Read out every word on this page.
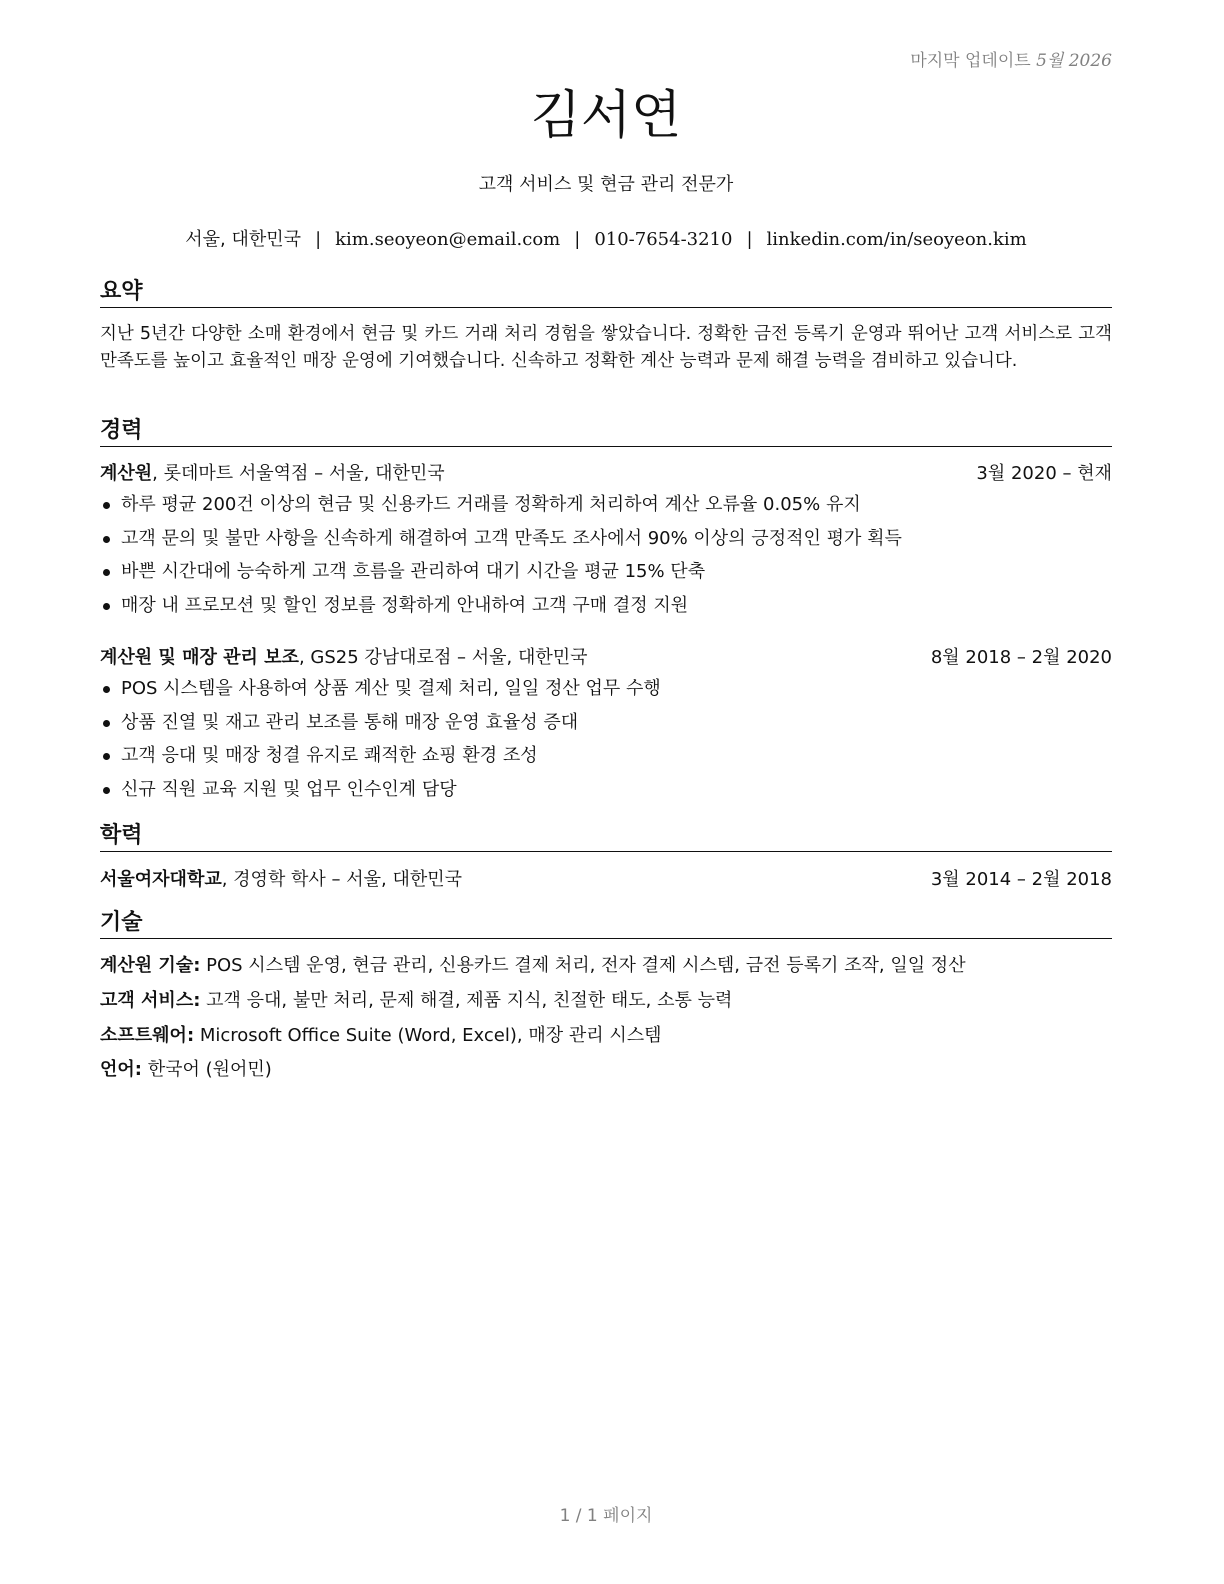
마지막 업데이트 5월 2026
김서연
고객 서비스 및 현금 관리 전문가
서울, 대한민국 | kim.seoyeon@email.com | 010-7654-3210 | linkedin.com/in/seoyeon.kim
요약
지난 5년간 다양한 소매 환경에서 현금 및 카드 거래 처리 경험을 쌓았습니다. 정확한 금전 등록기 운영과 뛰어난 고객 서비스로 고객 만족도를 높이고 효율적인 매장 운영에 기여했습니다. 신속하고 정확한 계산 능력과 문제 해결 능력을 겸비하고 있습니다.
경력
계산원, 롯데마트 서울역점 – 서울, 대한민국	3월 2020 – 현재
하루 평균 200건 이상의 현금 및 신용카드 거래를 정확하게 처리하여 계산 오류율 0.05% 유지
고객 문의 및 불만 사항을 신속하게 해결하여 고객 만족도 조사에서 90% 이상의 긍정적인 평가 획득
바쁜 시간대에 능숙하게 고객 흐름을 관리하여 대기 시간을 평균 15% 단축
매장 내 프로모션 및 할인 정보를 정확하게 안내하여 고객 구매 결정 지원
계산원 및 매장 관리 보조, GS25 강남대로점 – 서울, 대한민국	8월 2018 – 2월 2020
POS 시스템을 사용하여 상품 계산 및 결제 처리, 일일 정산 업무 수행
상품 진열 및 재고 관리 보조를 통해 매장 운영 효율성 증대
고객 응대 및 매장 청결 유지로 쾌적한 쇼핑 환경 조성
신규 직원 교육 지원 및 업무 인수인계 담당
학력
서울여자대학교, 경영학 학사 – 서울, 대한민국	3월 2014 – 2월 2018
기술
계산원 기술: POS 시스템 운영, 현금 관리, 신용카드 결제 처리, 전자 결제 시스템, 금전 등록기 조작, 일일 정산
고객 서비스: 고객 응대, 불만 처리, 문제 해결, 제품 지식, 친절한 태도, 소통 능력
소프트웨어: Microsoft Office Suite (Word, Excel), 매장 관리 시스템
언어: 한국어 (원어민)
1 / 1 페이지
